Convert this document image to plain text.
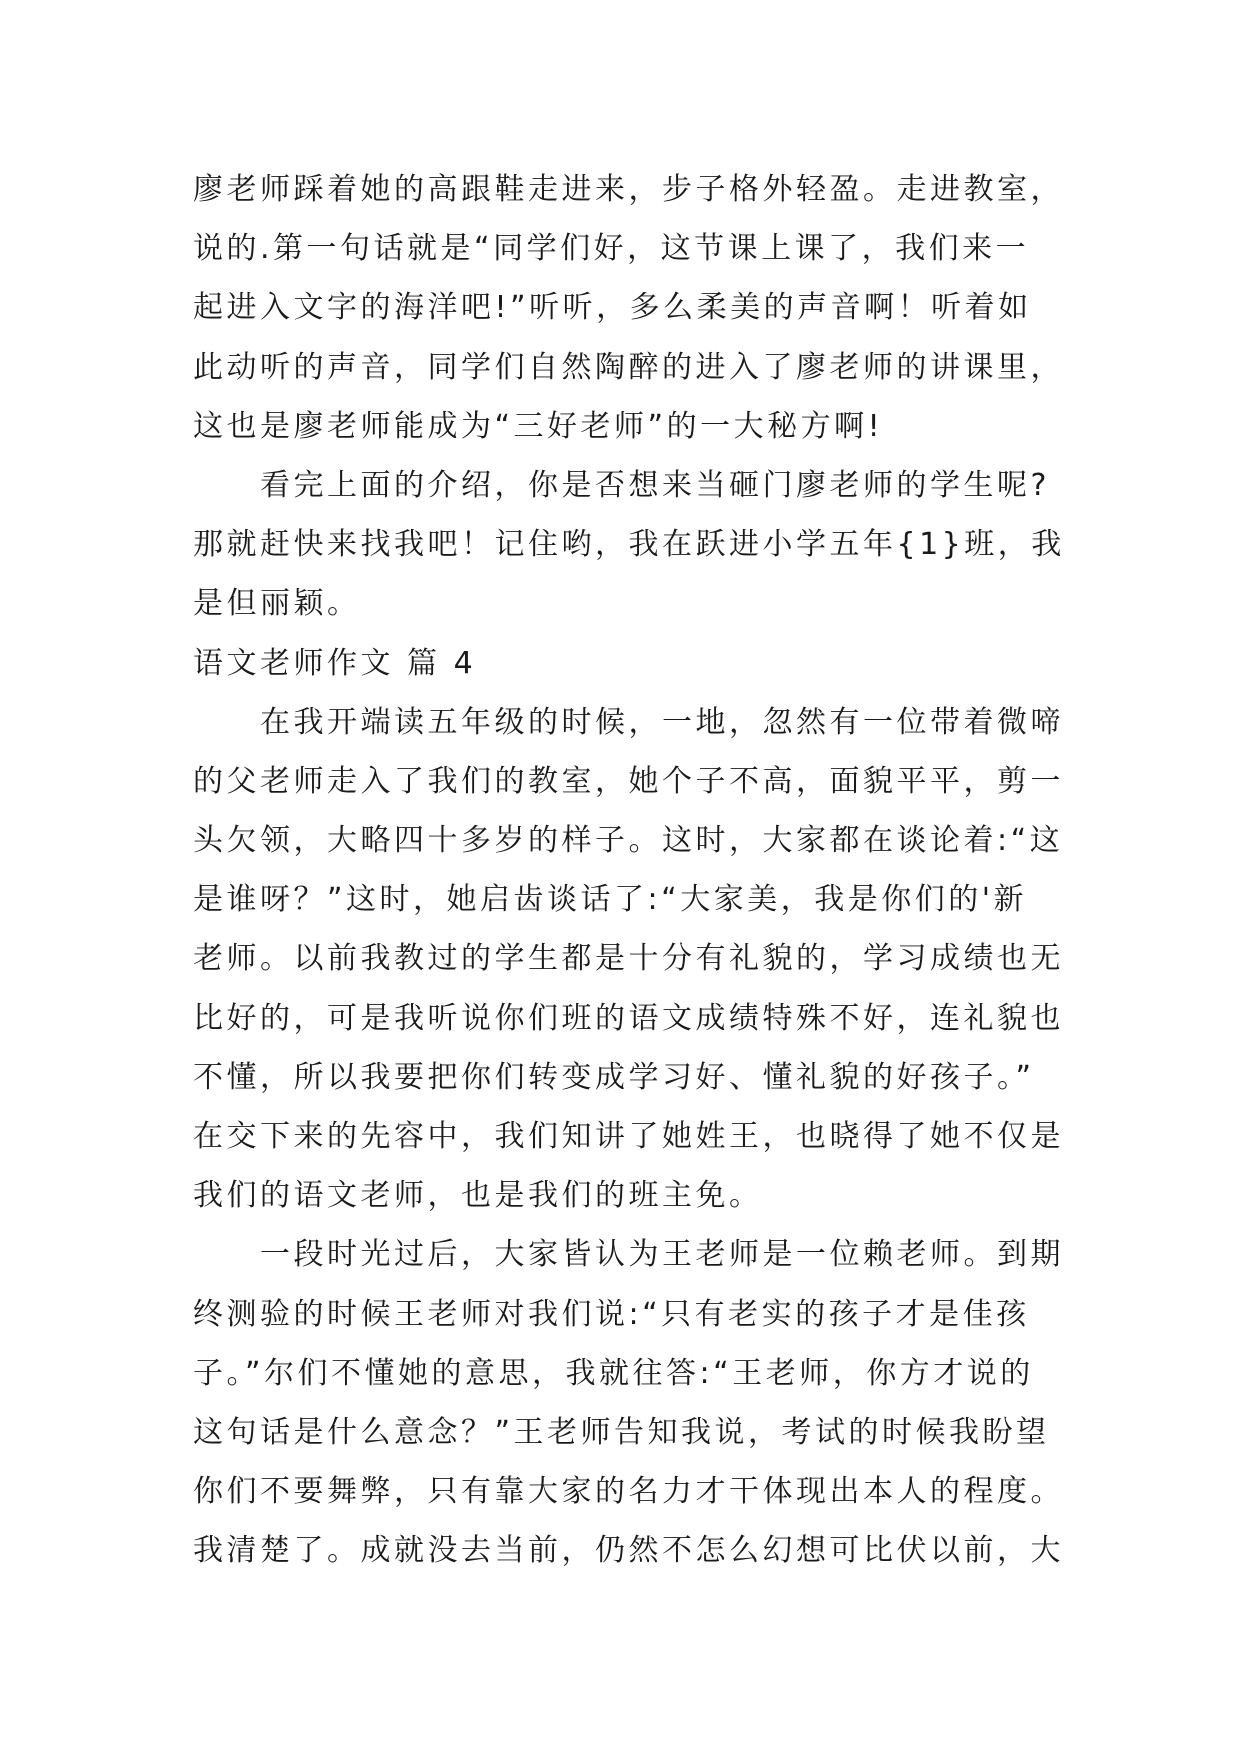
廖老师踩着她的高跟鞋走进来，步子格外轻盈。走进教室，
说的.第一句话就是“同学们好，这节课上课了，我们来一
起进入文字的海洋吧!”听听，多么柔美的声音啊！听着如
此动听的声音，同学们自然陶醉的进入了廖老师的讲课里，
这也是廖老师能成为“三好老师”的一大秘方啊!
看完上面的介绍，你是否想来当砸门廖老师的学生呢?
那就赶快来找我吧！记住哟，我在跃进小学五年{1}班，我
是但丽颖。
语文老师作文 篇 4
在我开端读五年级的时候，一地，忽然有一位带着微啼
的父老师走入了我们的教室，她个子不高，面貌平平，剪一
头欠领，大略四十多岁的样子。这时，大家都在谈论着:“这
是谁呀？”这时，她启齿谈话了:“大家美，我是你们的'新
老师。以前我教过的学生都是十分有礼貌的，学习成绩也无
比好的，可是我听说你们班的语文成绩特殊不好，连礼貌也
不懂，所以我要把你们转变成学习好、懂礼貌的好孩子。”
在交下来的先容中，我们知讲了她姓王，也晓得了她不仅是
我们的语文老师，也是我们的班主免。
一段时光过后，大家皆认为王老师是一位赖老师。到期
终测验的时候王老师对我们说:“只有老实的孩子才是佳孩
子。”尔们不懂她的意思，我就往答:“王老师，你方才说的
这句话是什么意念？”王老师告知我说，考试的时候我盼望
你们不要舞弊，只有靠大家的名力才干体现出本人的程度。
我清楚了。成就没去当前，仍然不怎么幻想可比伏以前，大
